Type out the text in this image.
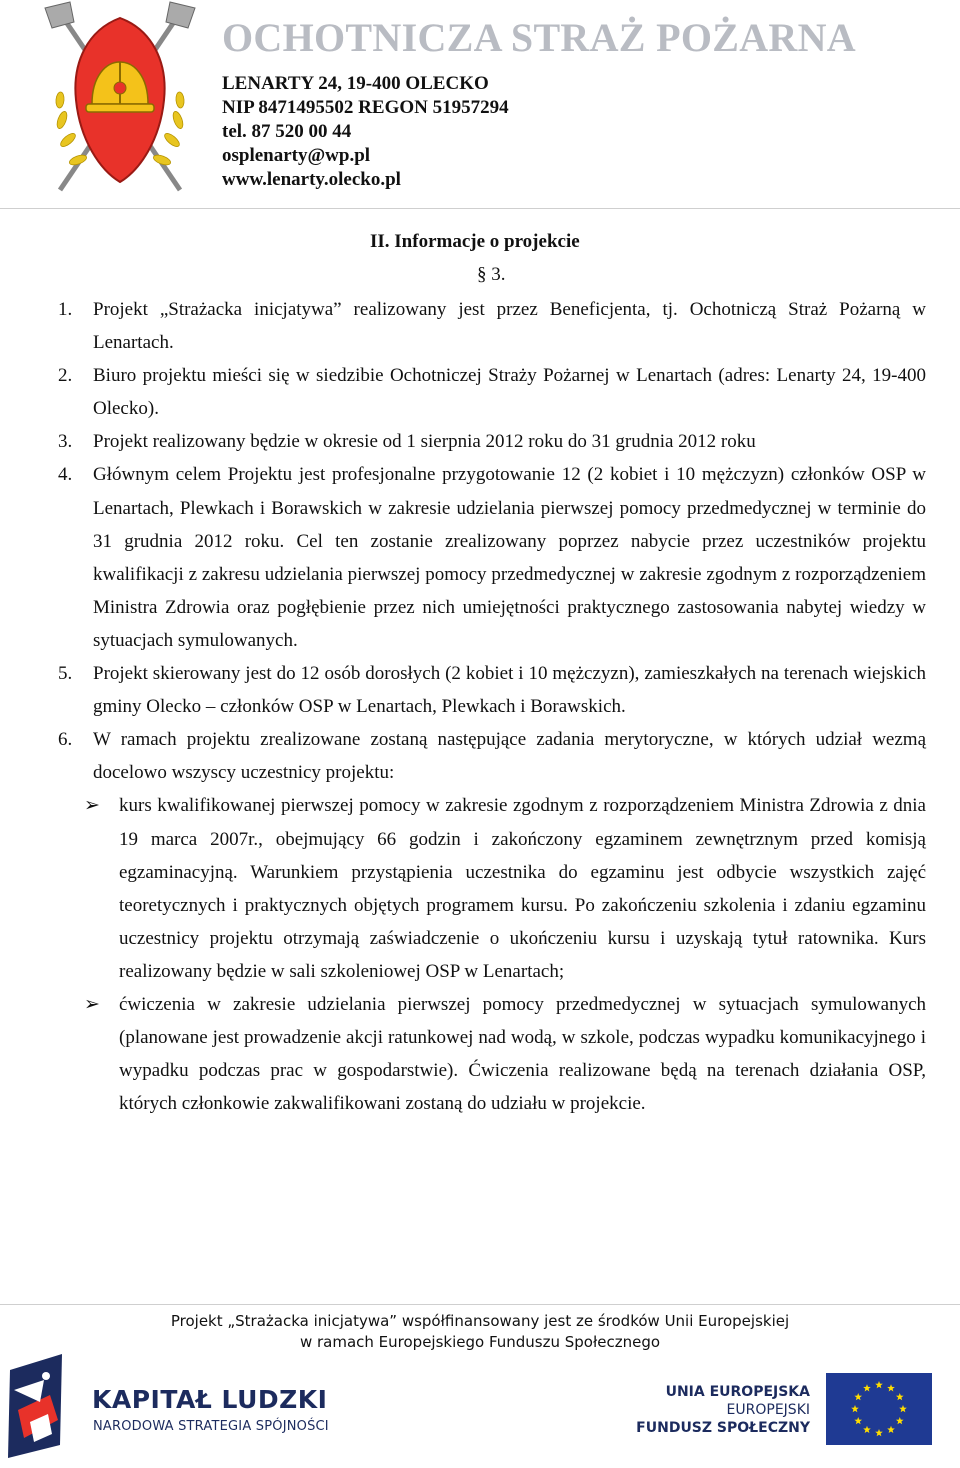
OCHOTNICZA STRAŻ POŻARNA
LENARTY 24, 19-400 OLECKO
NIP 8471495502 REGON 51957294
tel. 87 520 00 44
osplenarty@wp.pl
www.lenarty.olecko.pl
II. Informacje o projekcie
§ 3.
1. Projekt „Strażacka inicjatywa” realizowany jest przez Beneficjenta, tj. Ochotniczą Straż Pożarną w Lenartach.
2. Biuro projektu mieści się w siedzibie Ochotniczej Straży Pożarnej w Lenartach (adres: Lenarty 24, 19-400 Olecko).
3. Projekt realizowany będzie w okresie od 1 sierpnia 2012 roku do 31 grudnia 2012 roku
4. Głównym celem Projektu jest profesjonalne przygotowanie 12 (2 kobiet i 10 mężczyzn) członków OSP w Lenartach, Plewkach i Borawskich w zakresie udzielania pierwszej pomocy przedmedycznej w terminie do 31 grudnia 2012 roku. Cel ten zostanie zrealizowany poprzez nabycie przez uczestników projektu kwalifikacji z zakresu udzielania pierwszej pomocy przedmedycznej w zakresie zgodnym z rozporządzeniem Ministra Zdrowia oraz pogłębienie przez nich umiejętności praktycznego zastosowania nabytej wiedzy w sytuacjach symulowanych.
5. Projekt skierowany jest do 12 osób dorosłych (2 kobiet i 10 mężczyzn), zamieszkałych na terenach wiejskich gminy Olecko – członków OSP w Lenartach, Plewkach i Borawskich.
6. W ramach projektu zrealizowane zostaną następujące zadania merytoryczne, w których udział wezmą docelowo wszyscy uczestnicy projektu:
➢ kurs kwalifikowanej pierwszej pomocy w zakresie zgodnym z rozporządzeniem Ministra Zdrowia z dnia 19 marca 2007r., obejmujący 66 godzin i zakończony egzaminem zewnętrznym przed komisją egzaminacyjną. Warunkiem przystąpienia uczestnika do egzaminu jest odbycie wszystkich zajęć teoretycznych i praktycznych objętych programem kursu. Po zakończeniu szkolenia i zdaniu egzaminu uczestnicy projektu otrzymają zaświadczenie o ukończeniu kursu i uzyskają tytuł ratownika. Kurs realizowany będzie w sali szkoleniowej OSP w Lenartach;
➢ ćwiczenia w zakresie udzielania pierwszej pomocy przedmedycznej w sytuacjach symulowanych (planowane jest prowadzenie akcji ratunkowej nad wodą, w szkole, podczas wypadku komunikacyjnego i wypadku podczas prac w gospodarstwie). Ćwiczenia realizowane będą na terenach działania OSP, których członkowie zakwalifikowani zostaną do udziału w projekcie.
Projekt „Strażacka inicjatywa” współfinansowany jest ze środków Unii Europejskiej
w ramach Europejskiego Funduszu Społecznego
KAPITAŁ LUDZKI
NARODOWA STRATEGIA SPÓJNOŚCI
UNIA EUROPEJSKA
EUROPEJSKI
FUNDUSZ SPOŁECZNY
